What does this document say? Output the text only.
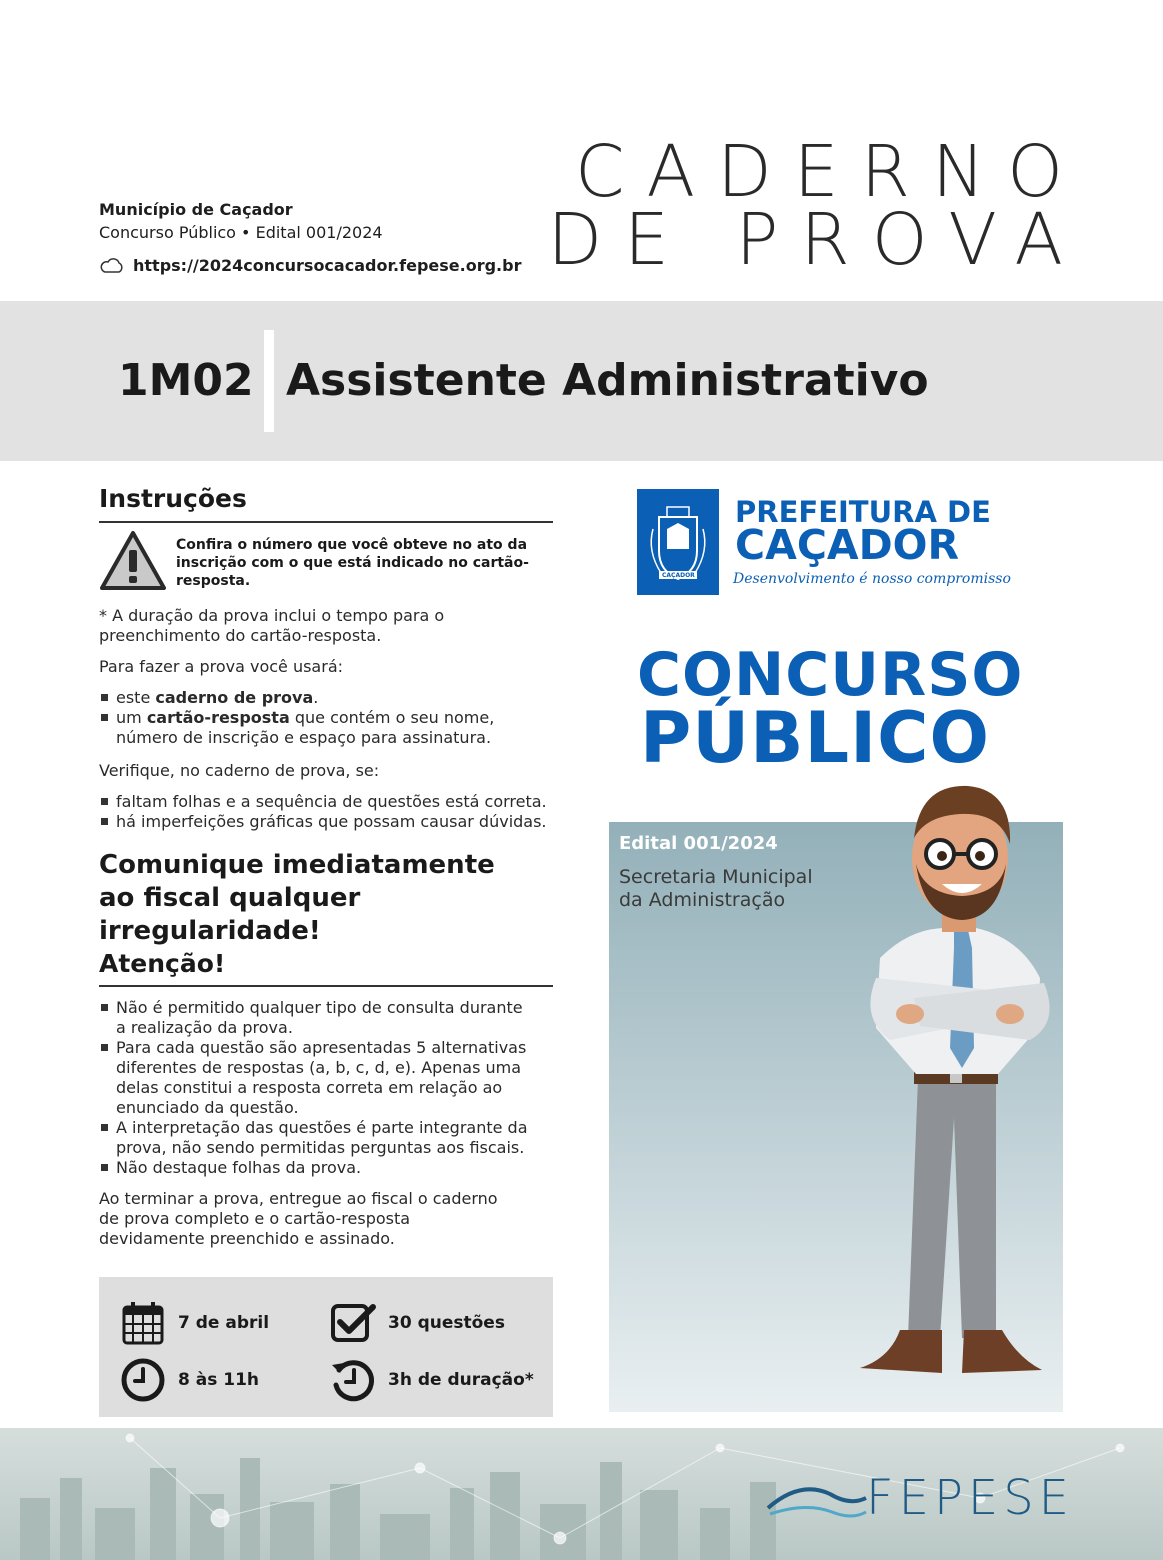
Município de Caçador
Concurso Público • Edital 001/2024
https://2024concursocacador.fepese.org.br
CADERNO
DE PROVA
1M02 Assistente Administrativo
Instruções
Confira o número que você obteve no ato da inscrição com o que está indicado no cartão-resposta.
* A duração da prova inclui o tempo para o preenchimento do cartão-resposta.
Para fazer a prova você usará:
este caderno de prova.
um cartão-resposta que contém o seu nome, número de inscrição e espaço para assinatura.
Verifique, no caderno de prova, se:
faltam folhas e a sequência de questões está correta.
há imperfeições gráficas que possam causar dúvidas.
Comunique imediatamente ao fiscal qualquer irregularidade!
Atenção!
Não é permitido qualquer tipo de consulta durante a realização da prova.
Para cada questão são apresentadas 5 alternativas diferentes de respostas (a, b, c, d, e). Apenas uma delas constitui a resposta correta em relação ao enunciado da questão.
A interpretação das questões é parte integrante da prova, não sendo permitidas perguntas aos fiscais.
Não destaque folhas da prova.
Ao terminar a prova, entregue ao fiscal o caderno de prova completo e o cartão-resposta devidamente preenchido e assinado.
7 de abril	30 questões
8 às 11h	3h de duração*
CAÇADOR
PREFEITURA DE
CAÇADOR
Desenvolvimento é nosso compromisso
CONCURSO
PÚBLICO
Edital 001/2024
Secretaria Municipal da Administração
FEPESE
